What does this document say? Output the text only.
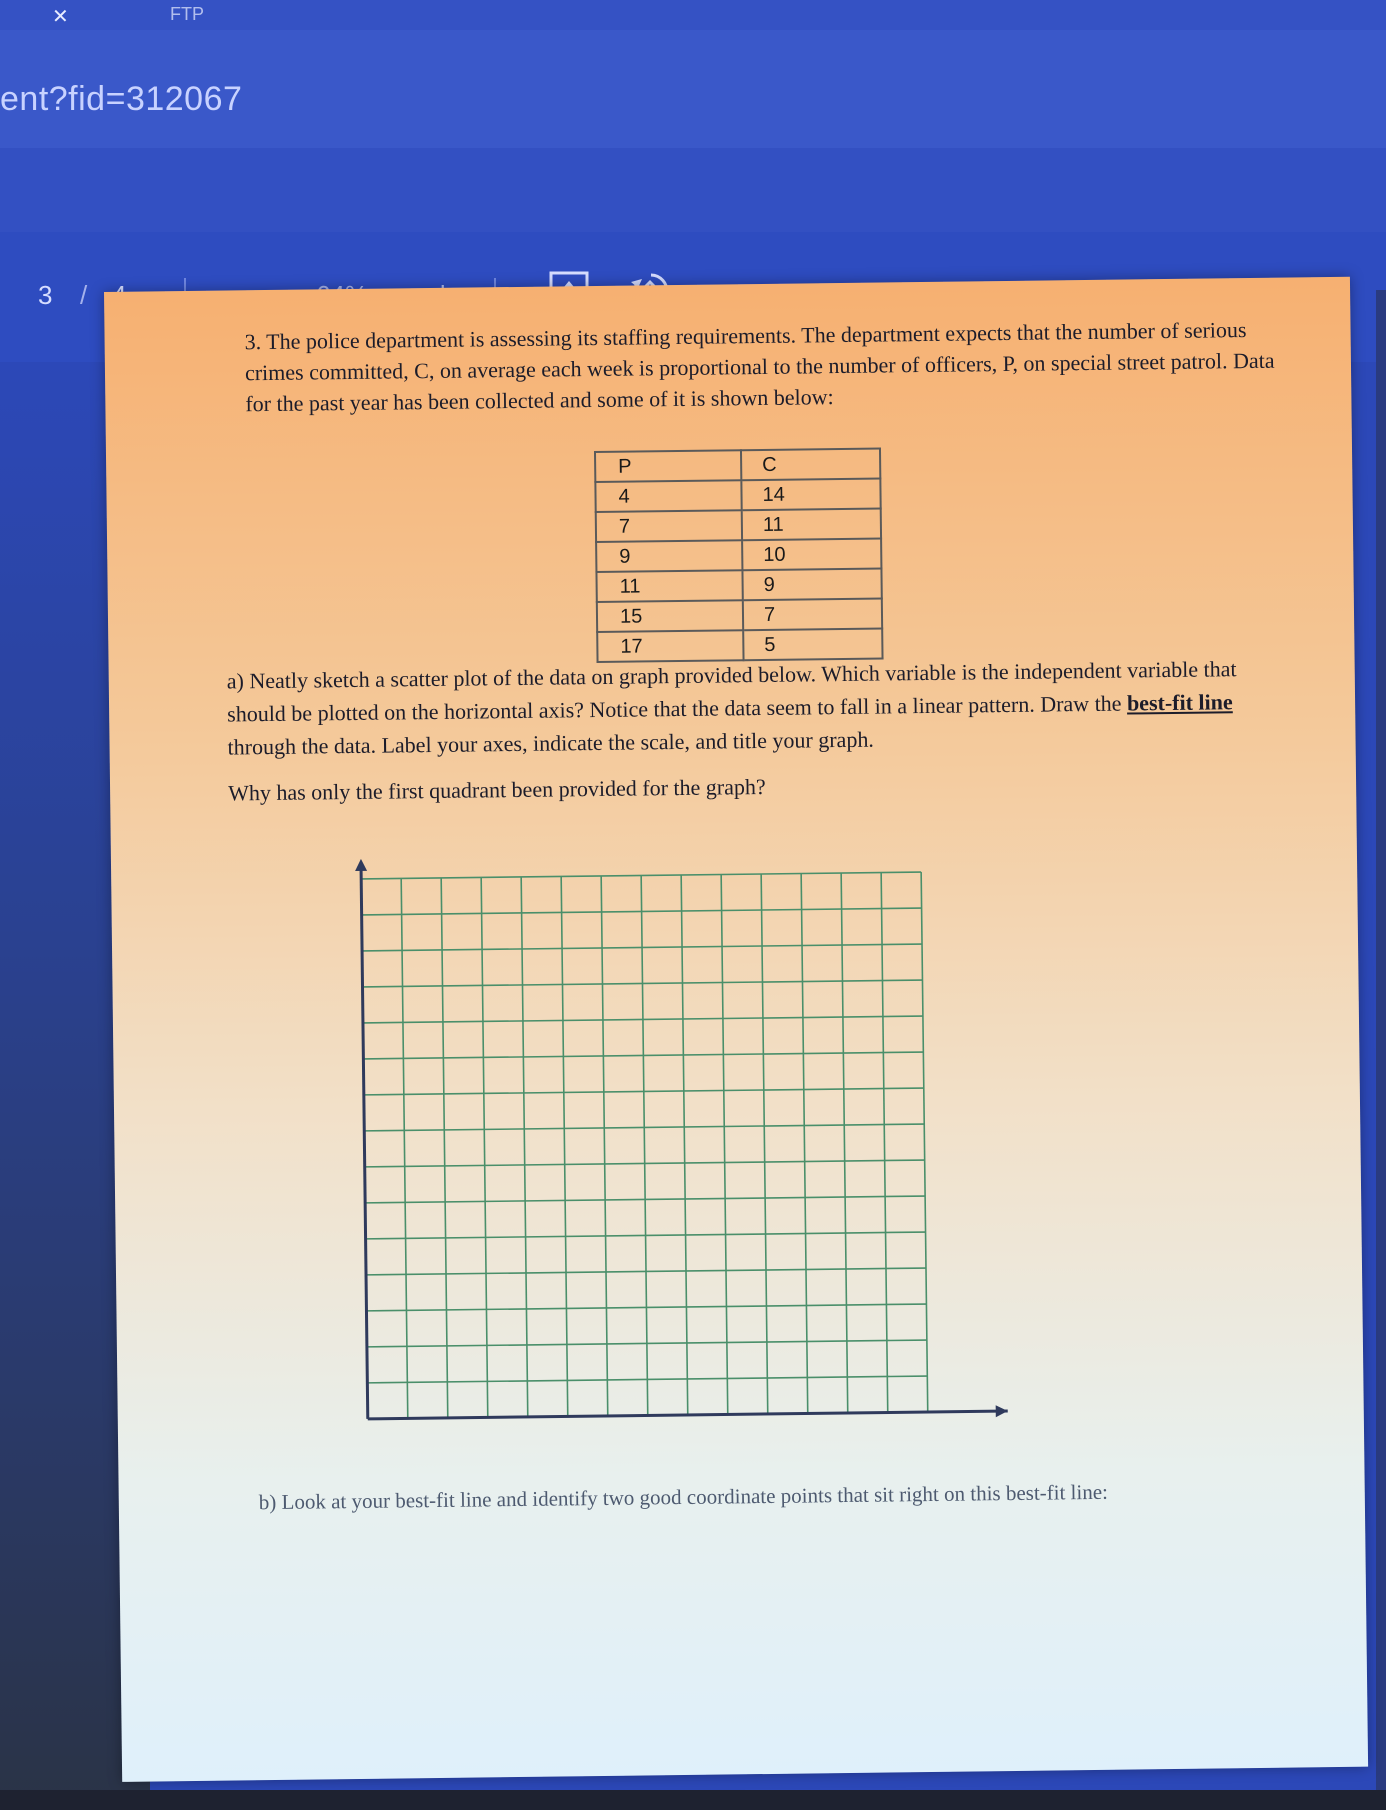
✕	FTP
ent?fid=312067
3 /
3. The police department is assessing its staffing requirements. The department expects that the number of serious crimes committed, C, on average each week is proportional to the number of officers, P, on special street patrol. Data for the past year has been collected and some of it is shown below:
P	C
4	14
7	11
9	10
11	9
15	7
17	5
a) Neatly sketch a scatter plot of the data on graph provided below. Which variable is the independent variable that should be plotted on the horizontal axis? Notice that the data seem to fall in a linear pattern. Draw the best-fit line through the data. Label your axes, indicate the scale, and title your graph.
Why has only the first quadrant been provided for the graph?
b) Look at your best-fit line and identify two good coordinate points that sit right on this best-fit line:
